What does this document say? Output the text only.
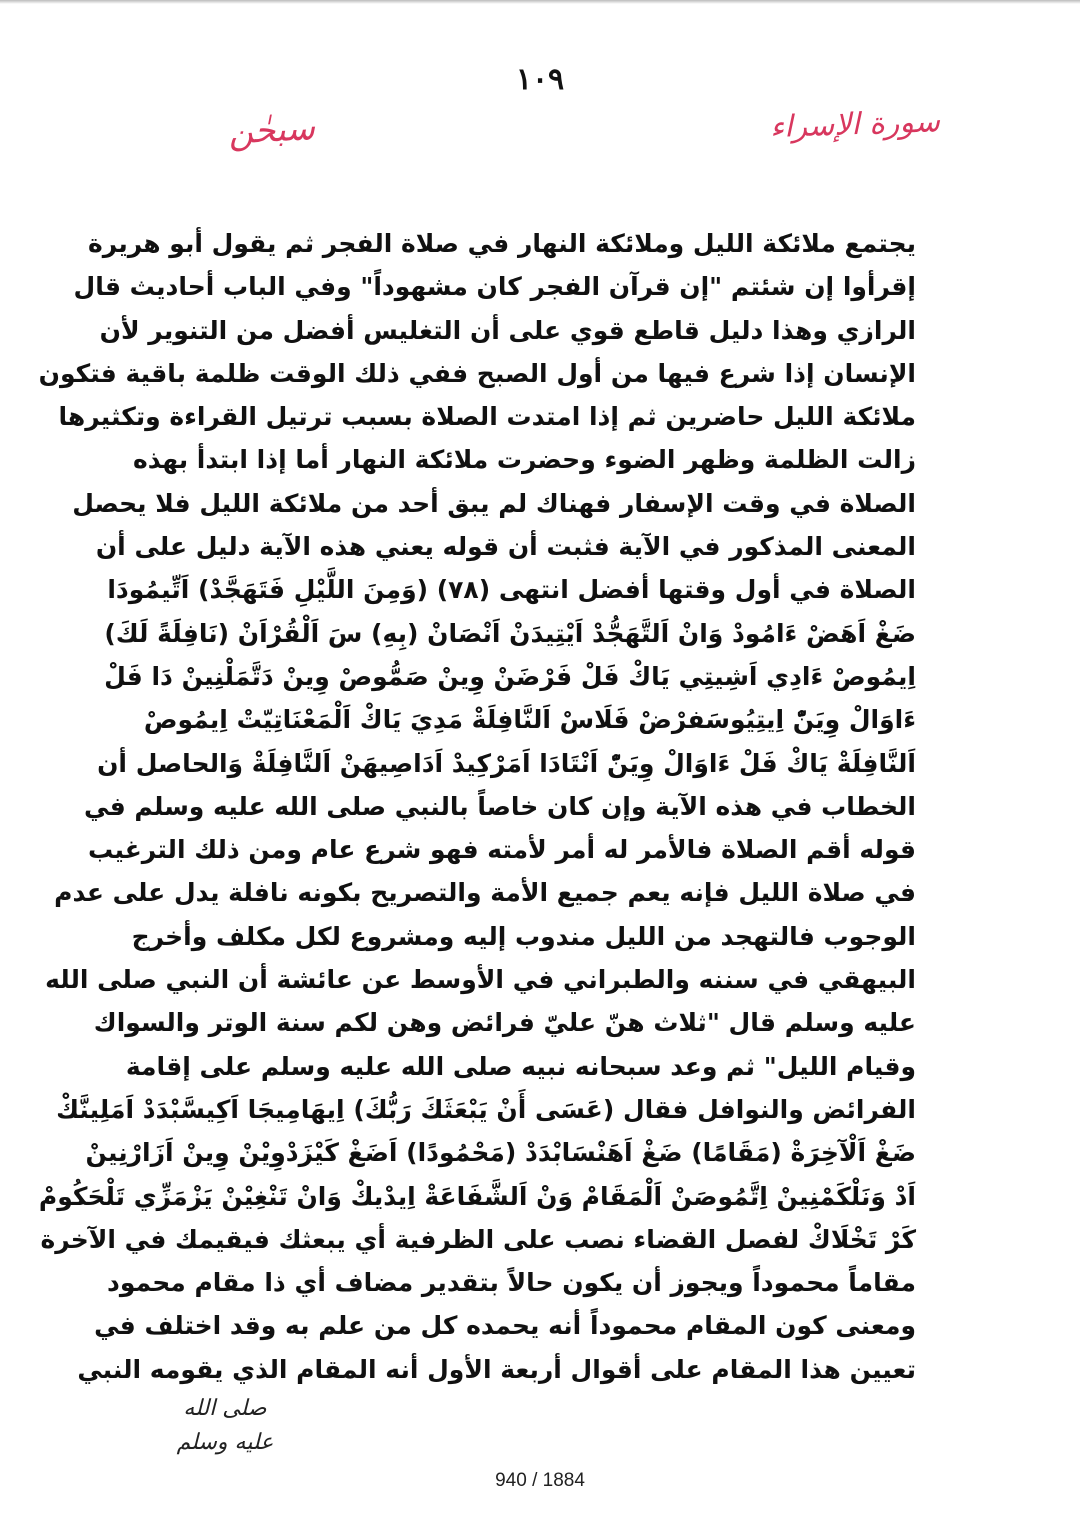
١٠٩
سبحٰن	سورة الإسراء
يجتمع ملائكة الليل وملائكة النهار في صلاة الفجر ثم يقول أبو هريرة
إقرأوا إن شئتم "إن قرآن الفجر كان مشهوداً" وفي الباب أحاديث قال
الرازي وهذا دليل قاطع قوي على أن التغليس أفضل من التنوير لأن
الإنسان إذا شرع فيها من أول الصبح ففي ذلك الوقت ظلمة باقية فتكون
ملائكة الليل حاضرين ثم إذا امتدت الصلاة بسبب ترتيل القراءة وتكثيرها
زالت الظلمة وظهر الضوء وحضرت ملائكة النهار أما إذا ابتدأ بهذه
الصلاة في وقت الإسفار فهناك لم يبق أحد من ملائكة الليل فلا يحصل
المعنى المذكور في الآية فثبت أن قوله يعني هذه الآية دليل على أن
الصلاة في أول وقتها أفضل انتهى (٧٨) (وَمِنَ اللَّيْلِ فَتَهَجَّدْ) اَتِّيمُودَا
ضَغْ اَهَضْ ءَامُودْ وَانْ اَلتَّهَجُّدْ اَيْتِيدَنْ اَنْصَانْ (بِهِ) سَ اَلْقُرْاَنْ (نَافِلَةً لَكَ)
اِيمُوصْ ءَادِي اَشِيتِي يَاكْ فَلْ فَرْضَنْ وِينْ صَمُّوصْ وِينْ دَتَّمَلْنِينْ دَا فَلْ
ءَاوَالْ وِيَنّْ اِيتِيُوسَفرْضْ فَلَاسْ اَلنَّافِلَةْ مَدِيَ يَاكْ اَلْمَعْنَاتِيّتْ اِيمُوصْ
اَلنَّافِلَةْ يَاكْ فَلْ ءَاوَالْ وِيَنّْ اَنْتَادَا اَمَرْكِيدْ اَدَاصِيهَنْ اَلنَّافِلَةْ وَالحاصل أن
الخطاب في هذه الآية وإن كان خاصاً بالنبي صلى الله عليه وسلم في
قوله أقم الصلاة فالأمر له أمر لأمته فهو شرع عام ومن ذلك الترغيب
في صلاة الليل فإنه يعم جميع الأمة والتصريح بكونه نافلة يدل على عدم
الوجوب فالتهجد من الليل مندوب إليه ومشروع لكل مكلف وأخرج
البيهقي في سننه والطبراني في الأوسط عن عائشة أن النبي صلى الله
عليه وسلم قال "ثلاث هنّ عليّ فرائض وهن لكم سنة الوتر والسواك
وقيام الليل" ثم وعد سبحانه نبيه صلى الله عليه وسلم على إقامة
الفرائض والنوافل فقال (عَسَى أَنْ يَبْعَثَكَ رَبُّكَ) اِيهَامِيجَا اَكِيسَّبْدَدْ اَمَلِينَّكْ
ضَغْ اَلْآخِرَةْ (مَقَامًا) ضَغْ اَهَنْسَابْدَدْ (مَحْمُودًا) اَضَغْ كَيْزَدْوِيْنْ وِينْ اَزَارْنِينْ
اَدْ وَنَلْكَمْنِينْ اِتَّمُوصَنْ اَلْمَقَامْ وَنْ اَلشَّفَاعَةْ اِيدْيكْ وَانْ تَنْغِيْنْ يَزْمَزِّي تَلْحَكُومْ
كَرْ تَخْلَاكْ لفصل القضاء نصب على الظرفية أي يبعثك فيقيمك في الآخرة
مقاماً محموداً ويجوز أن يكون حالاً بتقدير مضاف أي ذا مقام محمود
ومعنى كون المقام محموداً أنه يحمده كل من علم به وقد اختلف في
تعيين هذا المقام على أقوال أربعة الأول أنه المقام الذي يقومه النبي
صلى الله
عليه وسلم
940 / 1884
